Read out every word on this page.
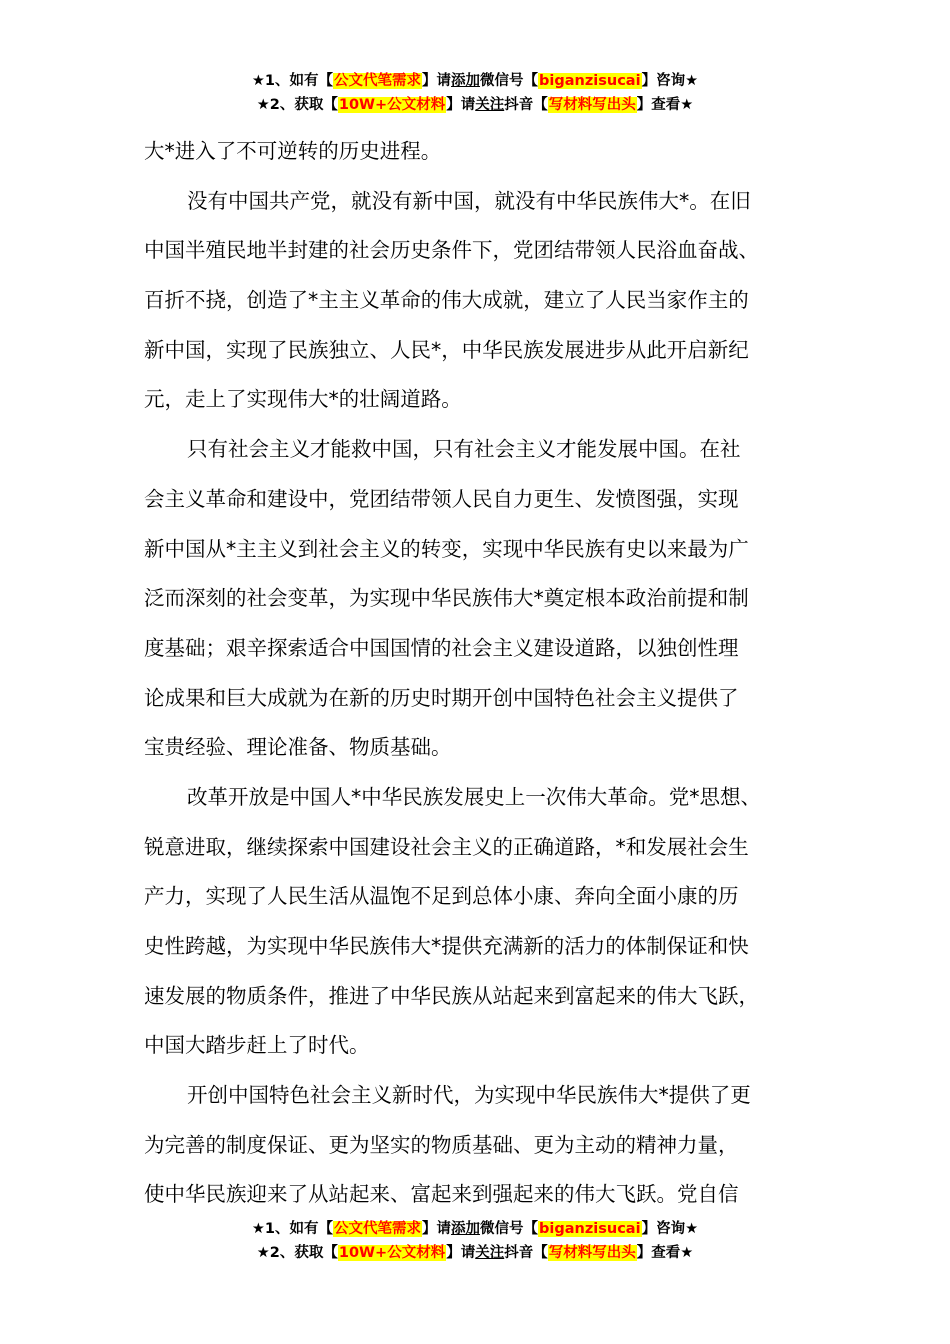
★1、如有【公文代笔需求】请添加微信号【biganzisucai】咨询★
★2、获取【10W+公文材料】请关注抖音【写材料写出头】查看★
大*进入了不可逆转的历史进程。
没有中国共产党，就没有新中国，就没有中华民族伟大*。在旧
中国半殖民地半封建的社会历史条件下，党团结带领人民浴血奋战、
百折不挠，创造了*主主义革命的伟大成就，建立了人民当家作主的
新中国，实现了民族独立、人民*，中华民族发展进步从此开启新纪
元，走上了实现伟大*的壮阔道路。
只有社会主义才能救中国，只有社会主义才能发展中国。在社
会主义革命和建设中，党团结带领人民自力更生、发愤图强，实现
新中国从*主主义到社会主义的转变，实现中华民族有史以来最为广
泛而深刻的社会变革，为实现中华民族伟大*奠定根本政治前提和制
度基础；艰辛探索适合中国国情的社会主义建设道路，以独创性理
论成果和巨大成就为在新的历史时期开创中国特色社会主义提供了
宝贵经验、理论准备、物质基础。
改革开放是中国人*中华民族发展史上一次伟大革命。党*思想、
锐意进取，继续探索中国建设社会主义的正确道路，*和发展社会生
产力，实现了人民生活从温饱不足到总体小康、奔向全面小康的历
史性跨越，为实现中华民族伟大*提供充满新的活力的体制保证和快
速发展的物质条件，推进了中华民族从站起来到富起来的伟大飞跃，
中国大踏步赶上了时代。
开创中国特色社会主义新时代，为实现中华民族伟大*提供了更
为完善的制度保证、更为坚实的物质基础、更为主动的精神力量，
使中华民族迎来了从站起来、富起来到强起来的伟大飞跃。党自信
★1、如有【公文代笔需求】请添加微信号【biganzisucai】咨询★
★2、获取【10W+公文材料】请关注抖音【写材料写出头】查看★
